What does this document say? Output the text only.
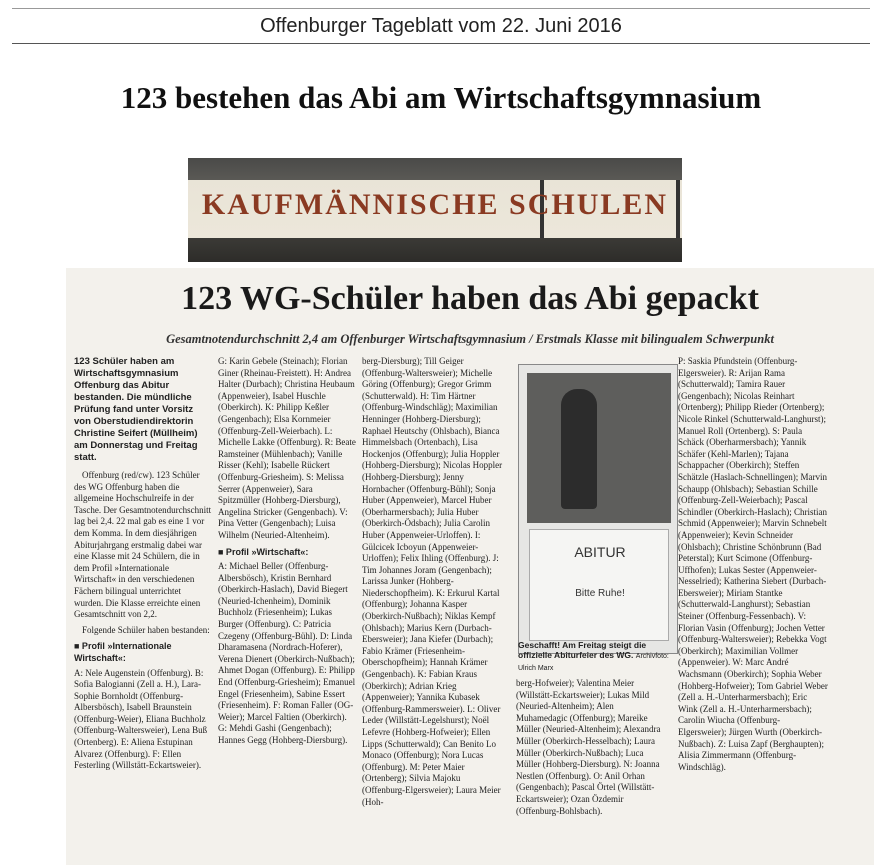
Offenburger Tageblatt vom 22. Juni 2016
123 bestehen das Abi am Wirtschaftsgymnasium
KAUFMÄNNISCHE SCHULEN
123 WG-Schüler haben das Abi gepackt
Gesamtnotendurchschnitt 2,4 am Offenburger Wirtschaftsgymnasium / Erstmals Klasse mit bilingualem Schwerpunkt

123 Schüler haben am Wirtschaftsgymnasium Offenburg das Abitur bestanden. Die mündliche Prüfung fand unter Vorsitz von Oberstudiendirektorin Christine Seifert (Müllheim) am Donnerstag und Freitag statt.

Offenburg (red/cw). 123 Schüler des WG Offenburg haben die allgemeine Hochschulreife in der Tasche. Der Gesamtnotendurchschnitt lag bei 2,4. 22 mal gab es eine 1 vor dem Komma. In dem diesjährigen Abiturjahrgang erstmalig dabei war eine Klasse mit 24 Schülern, die in dem Profil »Internationale Wirtschaft« in den verschiedenen Fächern bilingual unterrichtet wurden. Die Klasse erreichte einen Gesamtschnitt von 2,2.

Folgende Schüler haben bestanden:

■ Profil »Internationale Wirtschaft«:

A: Nele Augenstein (Offenburg). B: Sofia Balogianni (Zell a. H.), Lara-Sophie Bornholdt (Offenburg-Albersbösch), Isabell Braunstein (Offenburg-Weier), Eliana Buchholz (Offenburg-Waltersweier), Lena Buß (Ortenberg). E: Aliena Estupinan Alvarez (Offenburg). F: Ellen Festerling (Willstätt-Eckartsweier).

G: Karin Gebele (Steinach); Florian Giner (Rheinau-Freistett). H: Andrea Halter (Durbach); Christina Heubaum (Appenweier), Isabel Huschle (Oberkirch). K: Philipp Keßler (Gengenbach); Elsa Kornmeier (Offenburg-Zell-Weierbach). L: Michelle Lakke (Offenburg). R: Beate Ramsteiner (Mühlenbach); Vanille Risser (Kehl); Isabelle Rückert (Offenburg-Griesheim). S: Melissa Serrer (Appenweier), Sara Spitzmüller (Hohberg-Diersburg), Angelina Stricker (Gengenbach). V: Pina Vetter (Gengenbach); Luisa Wilhelm (Neuried-Altenheim).

■ Profil »Wirtschaft«:

A: Michael Beller (Offenburg-Albersbösch), Kristin Bernhard (Oberkirch-Haslach), David Biegert (Neuried-Ichenheim), Dominik Buchholz (Friesenheim); Lukas Burger (Offenburg). C: Patricia Czegeny (Offenburg-Bühl). D: Linda Dharamasena (Nordrach-Hoferer), Verena Dienert (Oberkirch-Nußbach); Ahmet Dogan (Offenburg). E: Philipp End (Offenburg-Griesheim); Emanuel Engel (Friesenheim), Sabine Essert (Friesenheim). F: Roman Faller (OG-Weier); Marcel Faltien (Oberkirch). G: Mehdi Gashi (Gengenbach); Hannes Gegg (Hohberg-Diersburg).

berg-Diersburg); Till Geiger (Offenburg-Waltersweier); Michelle Göring (Offenburg); Gregor Grimm (Schutterwald). H: Tim Härtner (Offenburg-Windschläg); Maximilian Henninger (Hohberg-Diersburg); Raphael Heutschy (Ohlsbach), Bianca Himmelsbach (Ortenbach), Lisa Hockenjos (Offenburg); Julia Hoppler (Hohberg-Diersburg); Nicolas Hoppler (Hohberg-Diersburg); Jenny Hornbacher (Offenburg-Bühl); Sonja Huber (Appenweier), Marcel Huber (Oberharmersbach); Julia Huber (Oberkirch-Ödsbach); Julia Carolin Huber (Appenweier-Urloffen). I: Gülcicek Icboyun (Appenweier-Urloffen); Felix Ihling (Offenburg). J: Tim Johannes Joram (Gengenbach); Larissa Junker (Hohberg-Niederschopfheim). K: Erkurul Kartal (Offenburg); Johanna Kasper (Oberkirch-Nußbach); Niklas Kempf (Ohlsbach); Marius Kern (Durbach-Ebersweier); Jana Kiefer (Durbach); Fabio Krämer (Friesenheim-Oberschopfheim); Hannah Krämer (Gengenbach). K: Fabian Kraus (Oberkirch); Adrian Krieg (Appenweier); Yannika Kubasek (Offenburg-Rammersweier). L: Oliver Leder (Willstätt-Legelshurst); Noël Lefevre (Hohberg-Hofweier); Ellen Lipps (Schutterwald); Can Benito Lo Monaco (Offenburg); Nora Lucas (Offenburg). M: Peter Maier (Ortenberg); Silvia Majoku (Offenburg-Elgersweier); Laura Meier (Hoh-

ABITUR
Bitte Ruhe!
Geschafft! Am Freitag steigt die offizielle Abiturfeier des WG. Archivfoto: Ulrich Marx

berg-Hofweier); Valentina Meier (Willstätt-Eckartsweier); Lukas Mild (Neuried-Altenheim); Alen Muhamedagic (Offenburg); Mareike Müller (Neuried-Altenheim); Alexandra Müller (Oberkirch-Hesselbach); Laura Müller (Oberkirch-Nußbach); Luca Müller (Hohberg-Diersburg). N: Joanna Nestlen (Offenburg). O: Anil Orhan (Gengenbach); Pascal Örtel (Willstätt-Eckartsweier); Ozan Özdemir (Offenburg-Bohlsbach).

P: Saskia Pfundstein (Offenburg-Elgersweier). R: Arijan Rama (Schutterwald); Tamira Rauer (Gengenbach); Nicolas Reinhart (Ortenberg); Philipp Rieder (Ortenberg); Nicole Rinkel (Schutterwald-Langhurst); Manuel Roll (Ortenberg). S: Paula Schäck (Oberharmersbach); Yannik Schäfer (Kehl-Marlen); Tajana Schappacher (Oberkirch); Steffen Schätzle (Haslach-Schnellingen); Marvin Schaupp (Ohlsbach); Sebastian Schille (Offenburg-Zell-Weierbach); Pascal Schindler (Oberkirch-Haslach); Christian Schmid (Appenweier); Marvin Schnebelt (Appenweier); Kevin Schneider (Ohlsbach); Christine Schönbrunn (Bad Peterstal); Kurt Scimone (Offenburg-Uffhofen); Lukas Sester (Appenweier-Nesselried); Katherina Siebert (Durbach-Ebersweier); Miriam Stantke (Schutterwald-Langhurst); Sebastian Steiner (Offenburg-Fessenbach). V: Florian Vasin (Offenburg); Jochen Vetter (Offenburg-Waltersweier); Rebekka Vogt (Oberkirch); Maximilian Vollmer (Appenweier). W: Marc André Wachsmann (Oberkirch); Sophia Weber (Hohberg-Hofweier); Tom Gabriel Weber (Zell a. H.-Unterharmersbach); Eric Wink (Zell a. H.-Unterharmersbach); Carolin Wiucha (Offenburg-Elgersweier); Jürgen Wurth (Oberkirch-Nußbach). Z: Luisa Zapf (Berghaupten); Alisia Zimmermann (Offenburg-Windschläg).
